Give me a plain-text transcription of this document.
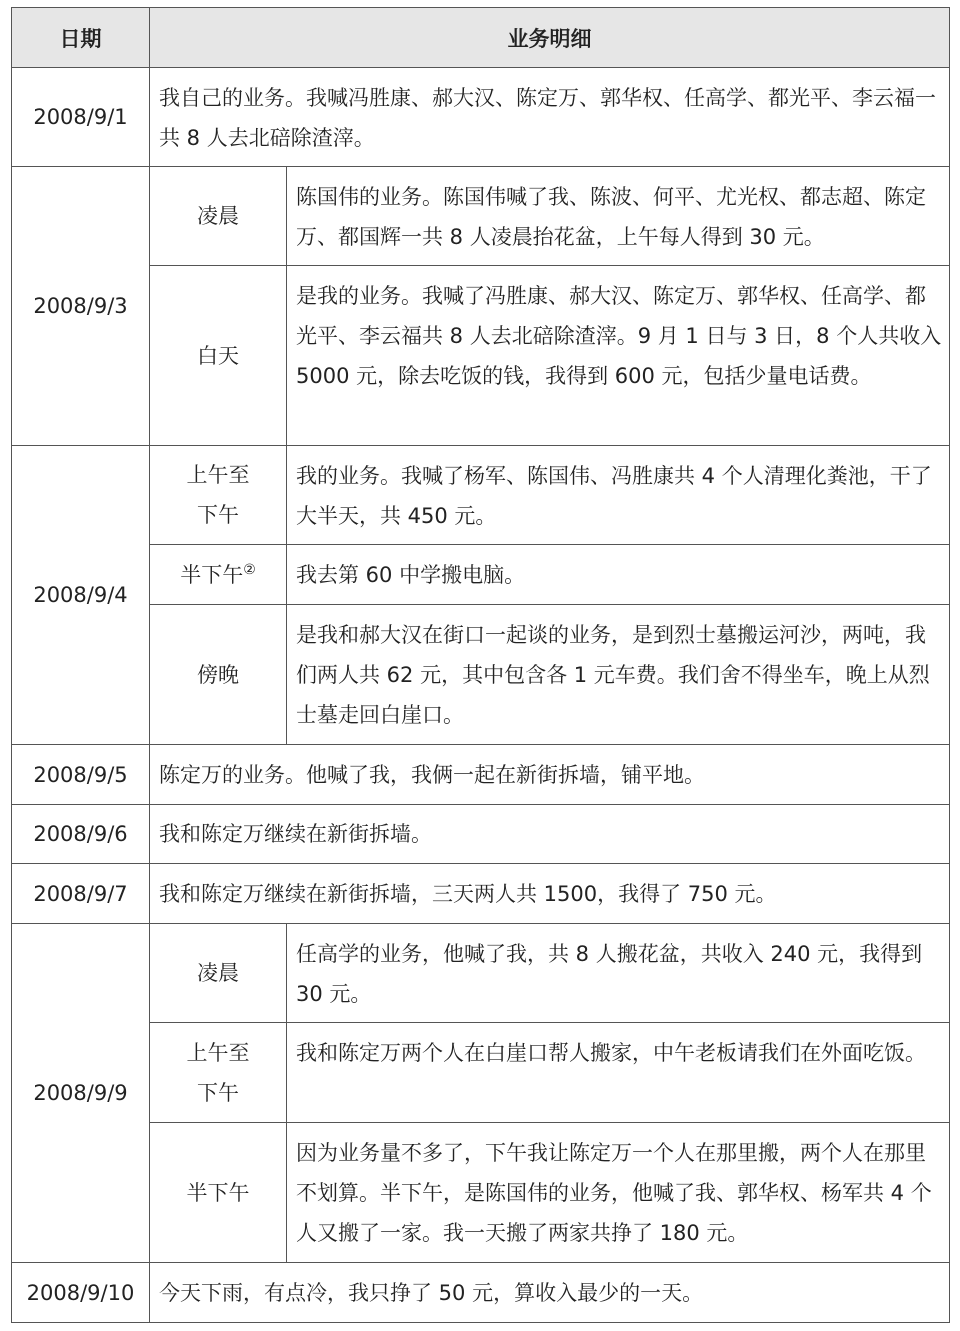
日期	业务明细	
2008/9/1	我自己的业务。我喊冯胜康、郝大汉、陈定万、郭华权、任高学、都光平、李云福一共 8 人去北碚除渣滓。	
2008/9/3	凌晨	陈国伟的业务。陈国伟喊了我、陈波、何平、尤光权、都志超、陈定万、都国辉一共 8 人凌晨抬花盆，上午每人得到 30 元。
	白天	是我的业务。我喊了冯胜康、郝大汉、陈定万、郭华权、任高学、都光平、李云福共 8 人去北碚除渣滓。9 月 1 日与 3 日，8 个人共收入 5000 元，除去吃饭的钱，我得到 600 元，包括少量电话费。
2008/9/4	上午至
下午	我的业务。我喊了杨军、陈国伟、冯胜康共 4 个人清理化粪池，干了大半天，共 450 元。
	半下午②	我去第 60 中学搬电脑。
	傍晚	是我和郝大汉在街口一起谈的业务，是到烈士墓搬运河沙，两吨，我们两人共 62 元，其中包含各 1 元车费。我们舍不得坐车，晚上从烈士墓走回白崖口。
2008/9/5	陈定万的业务。他喊了我，我俩一起在新街拆墙，铺平地。	
2008/9/6	我和陈定万继续在新街拆墙。	
2008/9/7	我和陈定万继续在新街拆墙，三天两人共 1500，我得了 750 元。	
2008/9/9	凌晨	任高学的业务，他喊了我，共 8 人搬花盆，共收入 240 元，我得到 30 元。
	上午至
下午	我和陈定万两个人在白崖口帮人搬家，中午老板请我们在外面吃饭。
	半下午	因为业务量不多了，下午我让陈定万一个人在那里搬，两个人在那里不划算。半下午，是陈国伟的业务，他喊了我、郭华权、杨军共 4 个人又搬了一家。我一天搬了两家共挣了 180 元。
2008/9/10	今天下雨，有点冷，我只挣了 50 元，算收入最少的一天。	
